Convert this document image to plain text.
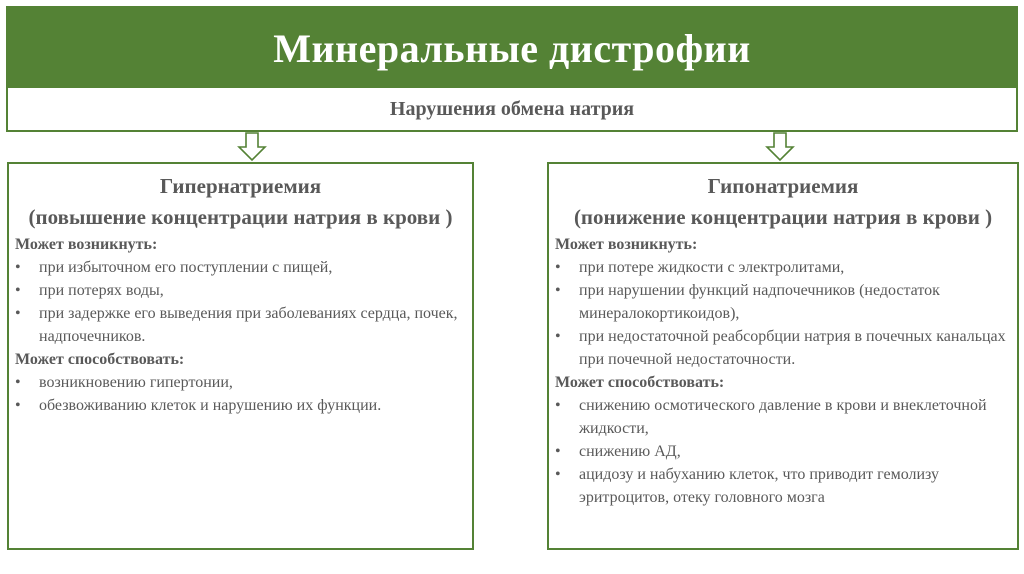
Минеральные дистрофии
Нарушения обмена натрия
Гипернатриемия
(повышение концентрации натрия в крови )
Может возникнуть:
• при избыточном его поступлении с пищей,
• при потерях воды,
• при задержке его выведения при заболеваниях сердца, почек, надпочечников.
Может способствовать:
• возникновению гипертонии,
• обезвоживанию клеток и нарушению их функции.
Гипонатриемия
(понижение концентрации натрия в крови )
Может возникнуть:
• при потере жидкости с электролитами,
• при нарушении функций надпочечников (недостаток минералокортикоидов),
• при недостаточной реабсорбции натрия в почечных канальцах при почечной недостаточности.
Может способствовать:
• снижению осмотического давление в крови и внеклеточной жидкости,
• снижению АД,
• ацидозу и набуханию клеток, что приводит гемолизу эритроцитов, отеку головного мозга
